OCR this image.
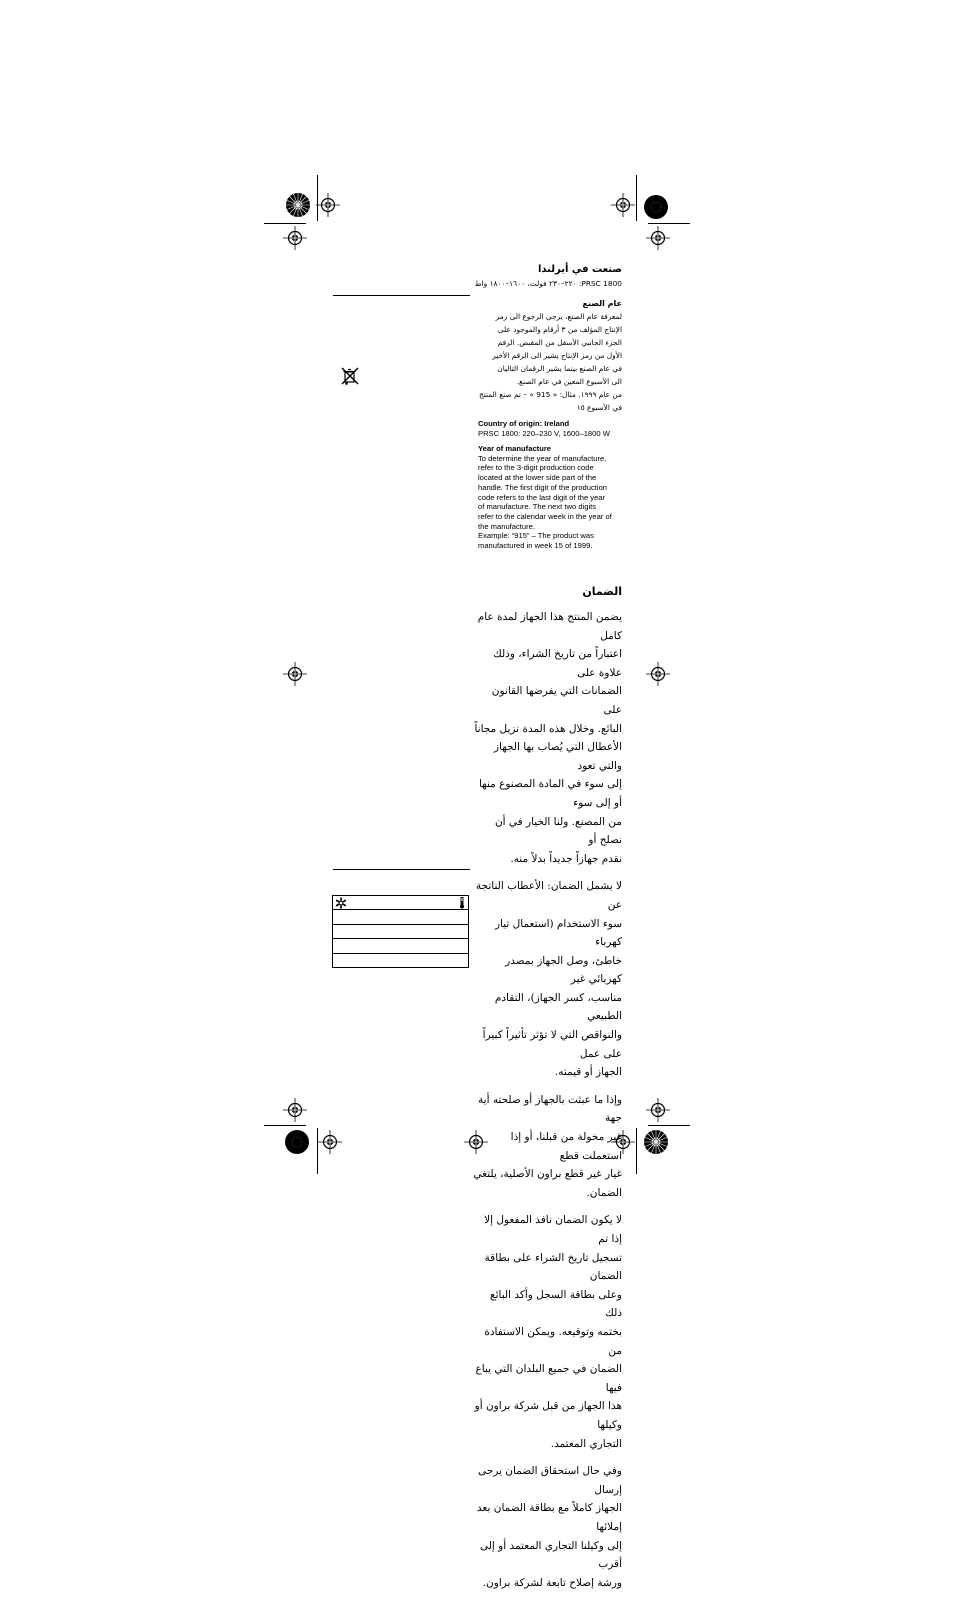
صنعت في أيرلندا
PRSC 1800: ٢٢٠–٢٣٠ فولت، ١٦٠٠–١٨٠٠ واط
عام الصنع
لمعرفة عام الصنع، يرجى الرجوع الى رمز
الإنتاج المؤلف من ٣ أرقام والموجود على
الجزء الجانبي الأسفل من المقبض. الرقم
الأول من رمز الإنتاج يشير الى الرقم الأخير
في عام الصنع بينما يشير الرقمان التاليان
الى الأسبوع المعين في عام الصنع.
من عام ١٩٩٩. مثال: « 915 » – تم صنع المنتج
في الأسبوع ١٥
Country of origin: Ireland
PRSC 1800: 220–230 V, 1600–1800 W
Year of manufacture
To determine the year of manufacture,
refer to the 3-digit production code
located at the lower side part of the
handle. The first digit of the production
code refers to the last digit of the year
of manufacture. The next two digits
refer to the calendar week in the year of
the manufacture.
Example: “915” – The product was
manufactured in week 15 of 1999.
الضمان
يضمن المنتج هذا الجهاز لمدة عام كامل
اعتباراً من تاريخ الشراء، وذلك علاوة على
الضمانات التي يفرضها القانون على
البائع. وخلال هذه المدة نزيل مجاناً
الأعطال التي يُصاب بها الجهاز والتي تعود
إلى سوء في المادة المصنوع منها أو إلى سوء
من المصنع. ولنا الخيار في أن نصلح أو
نقدم جهازاً جديداً بدلاً منه.
لا يشمل الضمان: الأعطاب الناتجة عن
سوء الاستخدام (استعمال تيار كهرباء
خاطئ، وصل الجهاز بمصدر كهربائي غير
مناسب، كسر الجهاز)، التقادم الطبيعي
والنواقص التي لا تؤثر تأثيراً كبيراً على عمل
الجهاز أو قيمته.
وإذا ما عبثت بالجهاز أو صلحته أية جهة
غير مخولة من قبلنا، أو إذا استعملت قطع
غيار غير قطع براون الأصلية، يلتغي
الضمان.
لا يكون الضمان نافذ المفعول إلا إذا تم
تسجيل تاريخ الشراء على بطاقة الضمان
وعلى بطاقة السجل وأكد البائع ذلك
بختمه وتوقيعه. ويمكن الاستفادة من
الضمان في جميع البلدان التي يباع فيها
هذا الجهاز من قبل شركة براون أو وكيلها
التجاري المعتمد.
وفي حال استحقاق الضمان يرجى إرسال
الجهاز كاملاً مع بطاقة الضمان بعد إملائها
إلى وكيلنا التجاري المعتمد أو إلى أقرب
ورشة إصلاح تابعة لشركة براون.
